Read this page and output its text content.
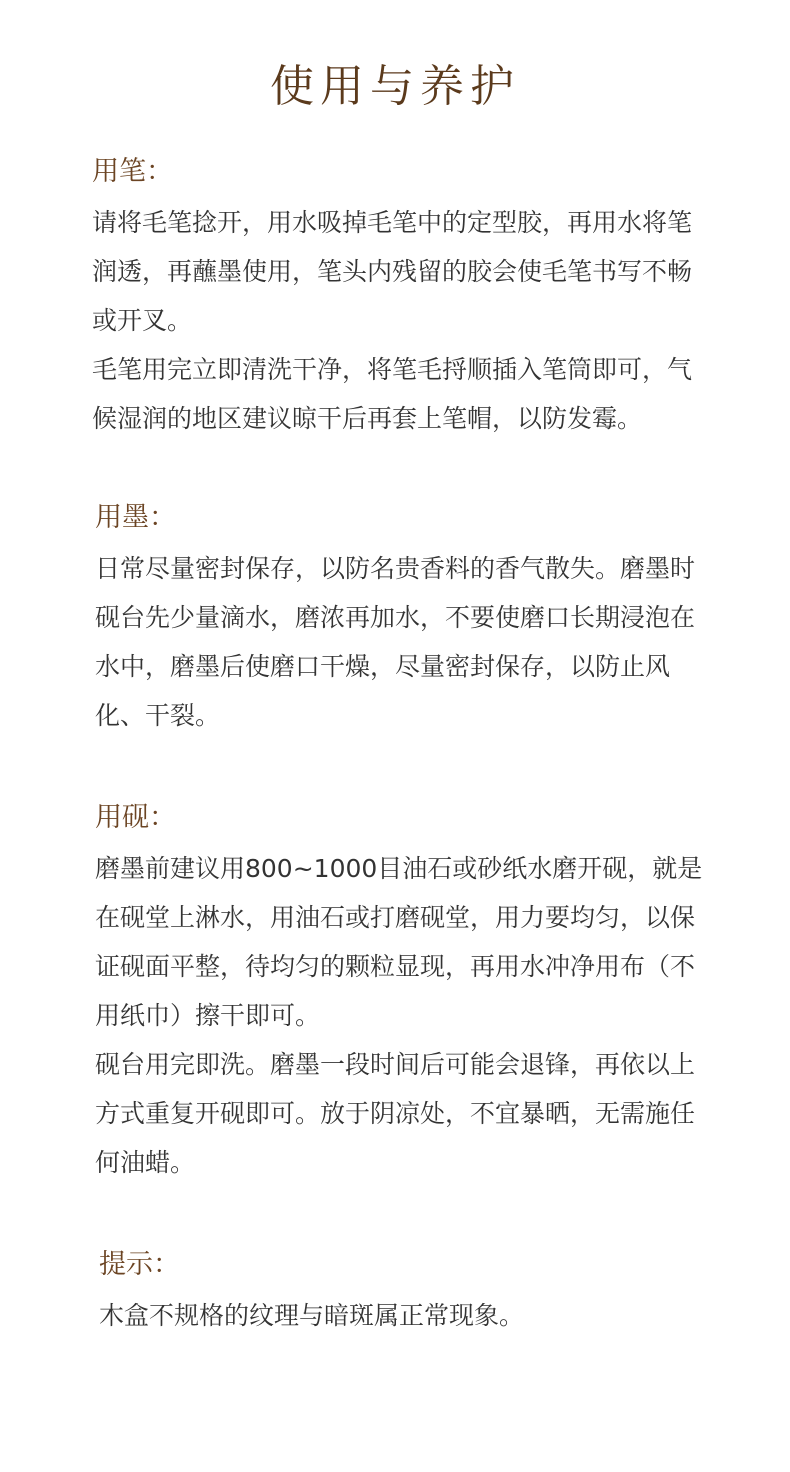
使用与养护
用笔：

请将毛笔捻开，用水吸掉毛笔中的定型胶，再用水将笔润透，再蘸墨使用，笔头内残留的胶会使毛笔书写不畅或开叉。

毛笔用完立即清洗干净，将笔毛捋顺插入笔筒即可，气候湿润的地区建议晾干后再套上笔帽，以防发霉。

用墨：

日常尽量密封保存，以防名贵香料的香气散失。磨墨时砚台先少量滴水，磨浓再加水，不要使磨口长期浸泡在水中，磨墨后使磨口干燥，尽量密封保存，以防止风化、干裂。

用砚：

磨墨前建议用800~1000目油石或砂纸水磨开砚，就是在砚堂上淋水，用油石或打磨砚堂，用力要均匀，以保证砚面平整，待均匀的颗粒显现，再用水冲净用布（不用纸巾）擦干即可。

砚台用完即洗。磨墨一段时间后可能会退锋，再依以上方式重复开砚即可。放于阴凉处，不宜暴晒，无需施任何油蜡。

提示：

木盒不规格的纹理与暗斑属正常现象。
